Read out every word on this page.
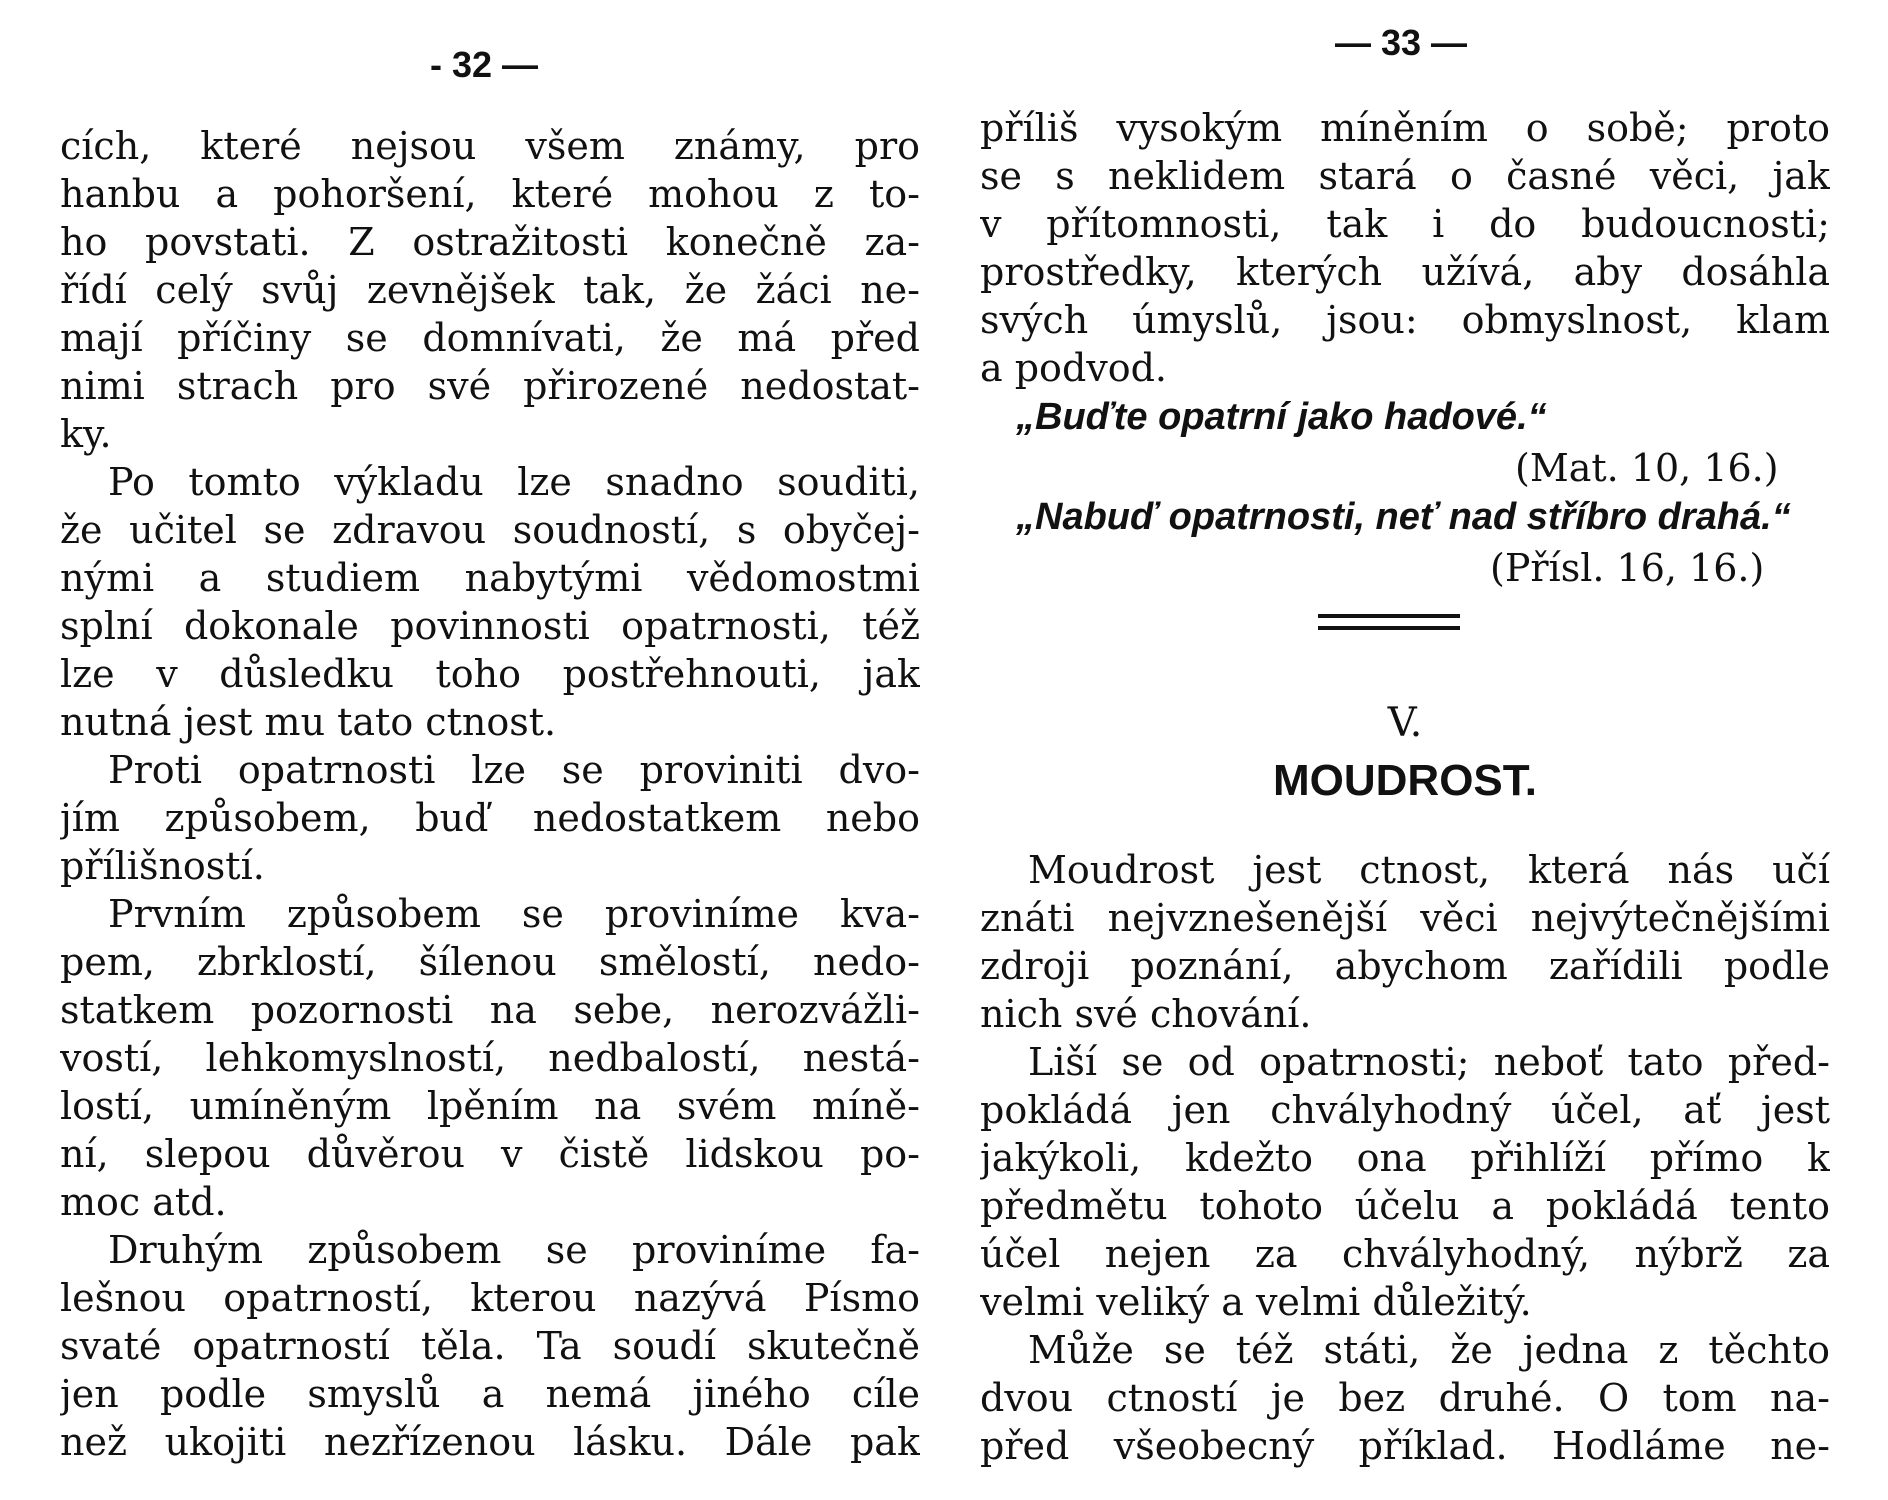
- 32 —
cích, které nejsou všem známy, pro
hanbu a pohoršení, které mohou z to-
ho povstati. Z ostražitosti konečně za-
řídí celý svůj zevnějšek tak, že žáci ne-
mají příčiny se domnívati, že má před
nimi strach pro své přirozené nedostat-
ky.
Po tomto výkladu lze snadno souditi,
že učitel se zdravou soudností, s obyčej-
nými a studiem nabytými vědomostmi
splní dokonale povinnosti opatrnosti, též
lze v důsledku toho postřehnouti, jak
nutná jest mu tato ctnost.
Proti opatrnosti lze se proviniti dvo-
jím způsobem, buď nedostatkem nebo
přílišností.
Prvním způsobem se proviníme kva-
pem, zbrklostí, šílenou smělostí, nedo-
statkem pozornosti na sebe, nerozvážli-
vostí, lehkomyslností, nedbalostí, nestá-
lostí, umíněným lpěním na svém míně-
ní, slepou důvěrou v čistě lidskou po-
moc atd.
Druhým způsobem se proviníme fa-
lešnou opatrností, kterou nazývá Písmo
svaté opatrností těla. Ta soudí skutečně
jen podle smyslů a nemá jiného cíle
než ukojiti nezřízenou lásku. Dále pak
— 33 —
příliš vysokým míněním o sobě; proto
se s neklidem stará o časné věci, jak
v přítomnosti, tak i do budoucnosti;
prostředky, kterých užívá, aby dosáhla
svých úmyslů, jsou: obmyslnost, klam
a podvod.
„Buďte opatrní jako hadové.“
(Mat. 10, 16.)
„Nabuď opatrnosti, neť nad stříbro drahá.“
(Přísl. 16, 16.)
V.
MOUDROST.
Moudrost jest ctnost, která nás učí
znáti nejvznešenější věci nejvýtečnějšími
zdroji poznání, abychom zařídili podle
nich své chování.
Liší se od opatrnosti; neboť tato před-
pokládá jen chvályhodný účel, ať jest
jakýkoli, kdežto ona přihlíží přímo k
předmětu tohoto účelu a pokládá tento
účel nejen za chvályhodný, nýbrž za
velmi veliký a velmi důležitý.
Může se též státi, že jedna z těchto
dvou ctností je bez druhé. O tom na-
před všeobecný příklad. Hodláme ne-
